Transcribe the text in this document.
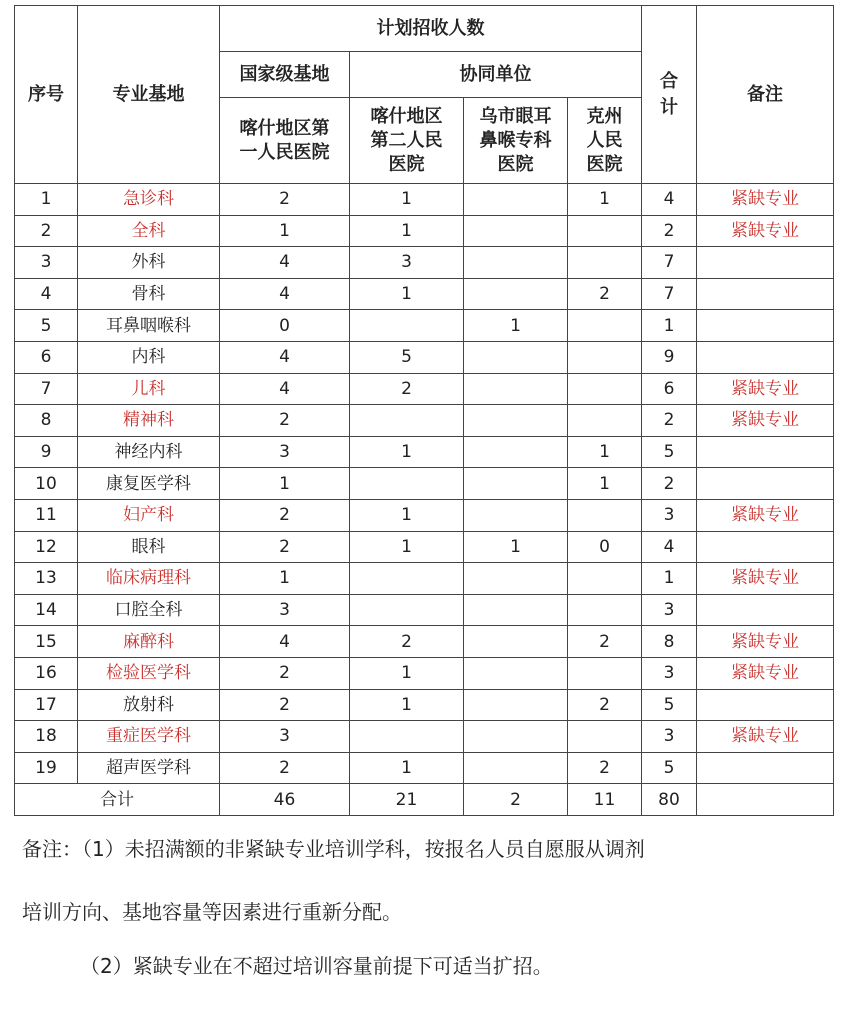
序号	专业基地	计划招收人数				合计	备注
		国家级基地	协同单位				
		喀什地区第一人民医院	喀什地区第二人民医院	乌市眼耳鼻喉专科医院	克州人民医院		
1	急诊科	2	1		1	4	紧缺专业
2	全科	1	1			2	紧缺专业
3	外科	4	3			7	
4	骨科	4	1		2	7	
5	耳鼻咽喉科	0		1		1	
6	内科	4	5			9	
7	儿科	4	2			6	紧缺专业
8	精神科	2				2	紧缺专业
9	神经内科	3	1		1	5	
10	康复医学科	1			1	2	
11	妇产科	2	1			3	紧缺专业
12	眼科	2	1	1	0	4	
13	临床病理科	1				1	紧缺专业
14	口腔全科	3				3	
15	麻醉科	4	2		2	8	紧缺专业
16	检验医学科	2	1			3	紧缺专业
17	放射科	2	1		2	5	
18	重症医学科	3				3	紧缺专业
19	超声医学科	2	1		2	5	
合计		46	21	2	11	80	

备注：（1）未招满额的非紧缺专业培训学科，按报名人员自愿服从调剂

培训方向、基地容量等因素进行重新分配。

（2）紧缺专业在不超过培训容量前提下可适当扩招。
